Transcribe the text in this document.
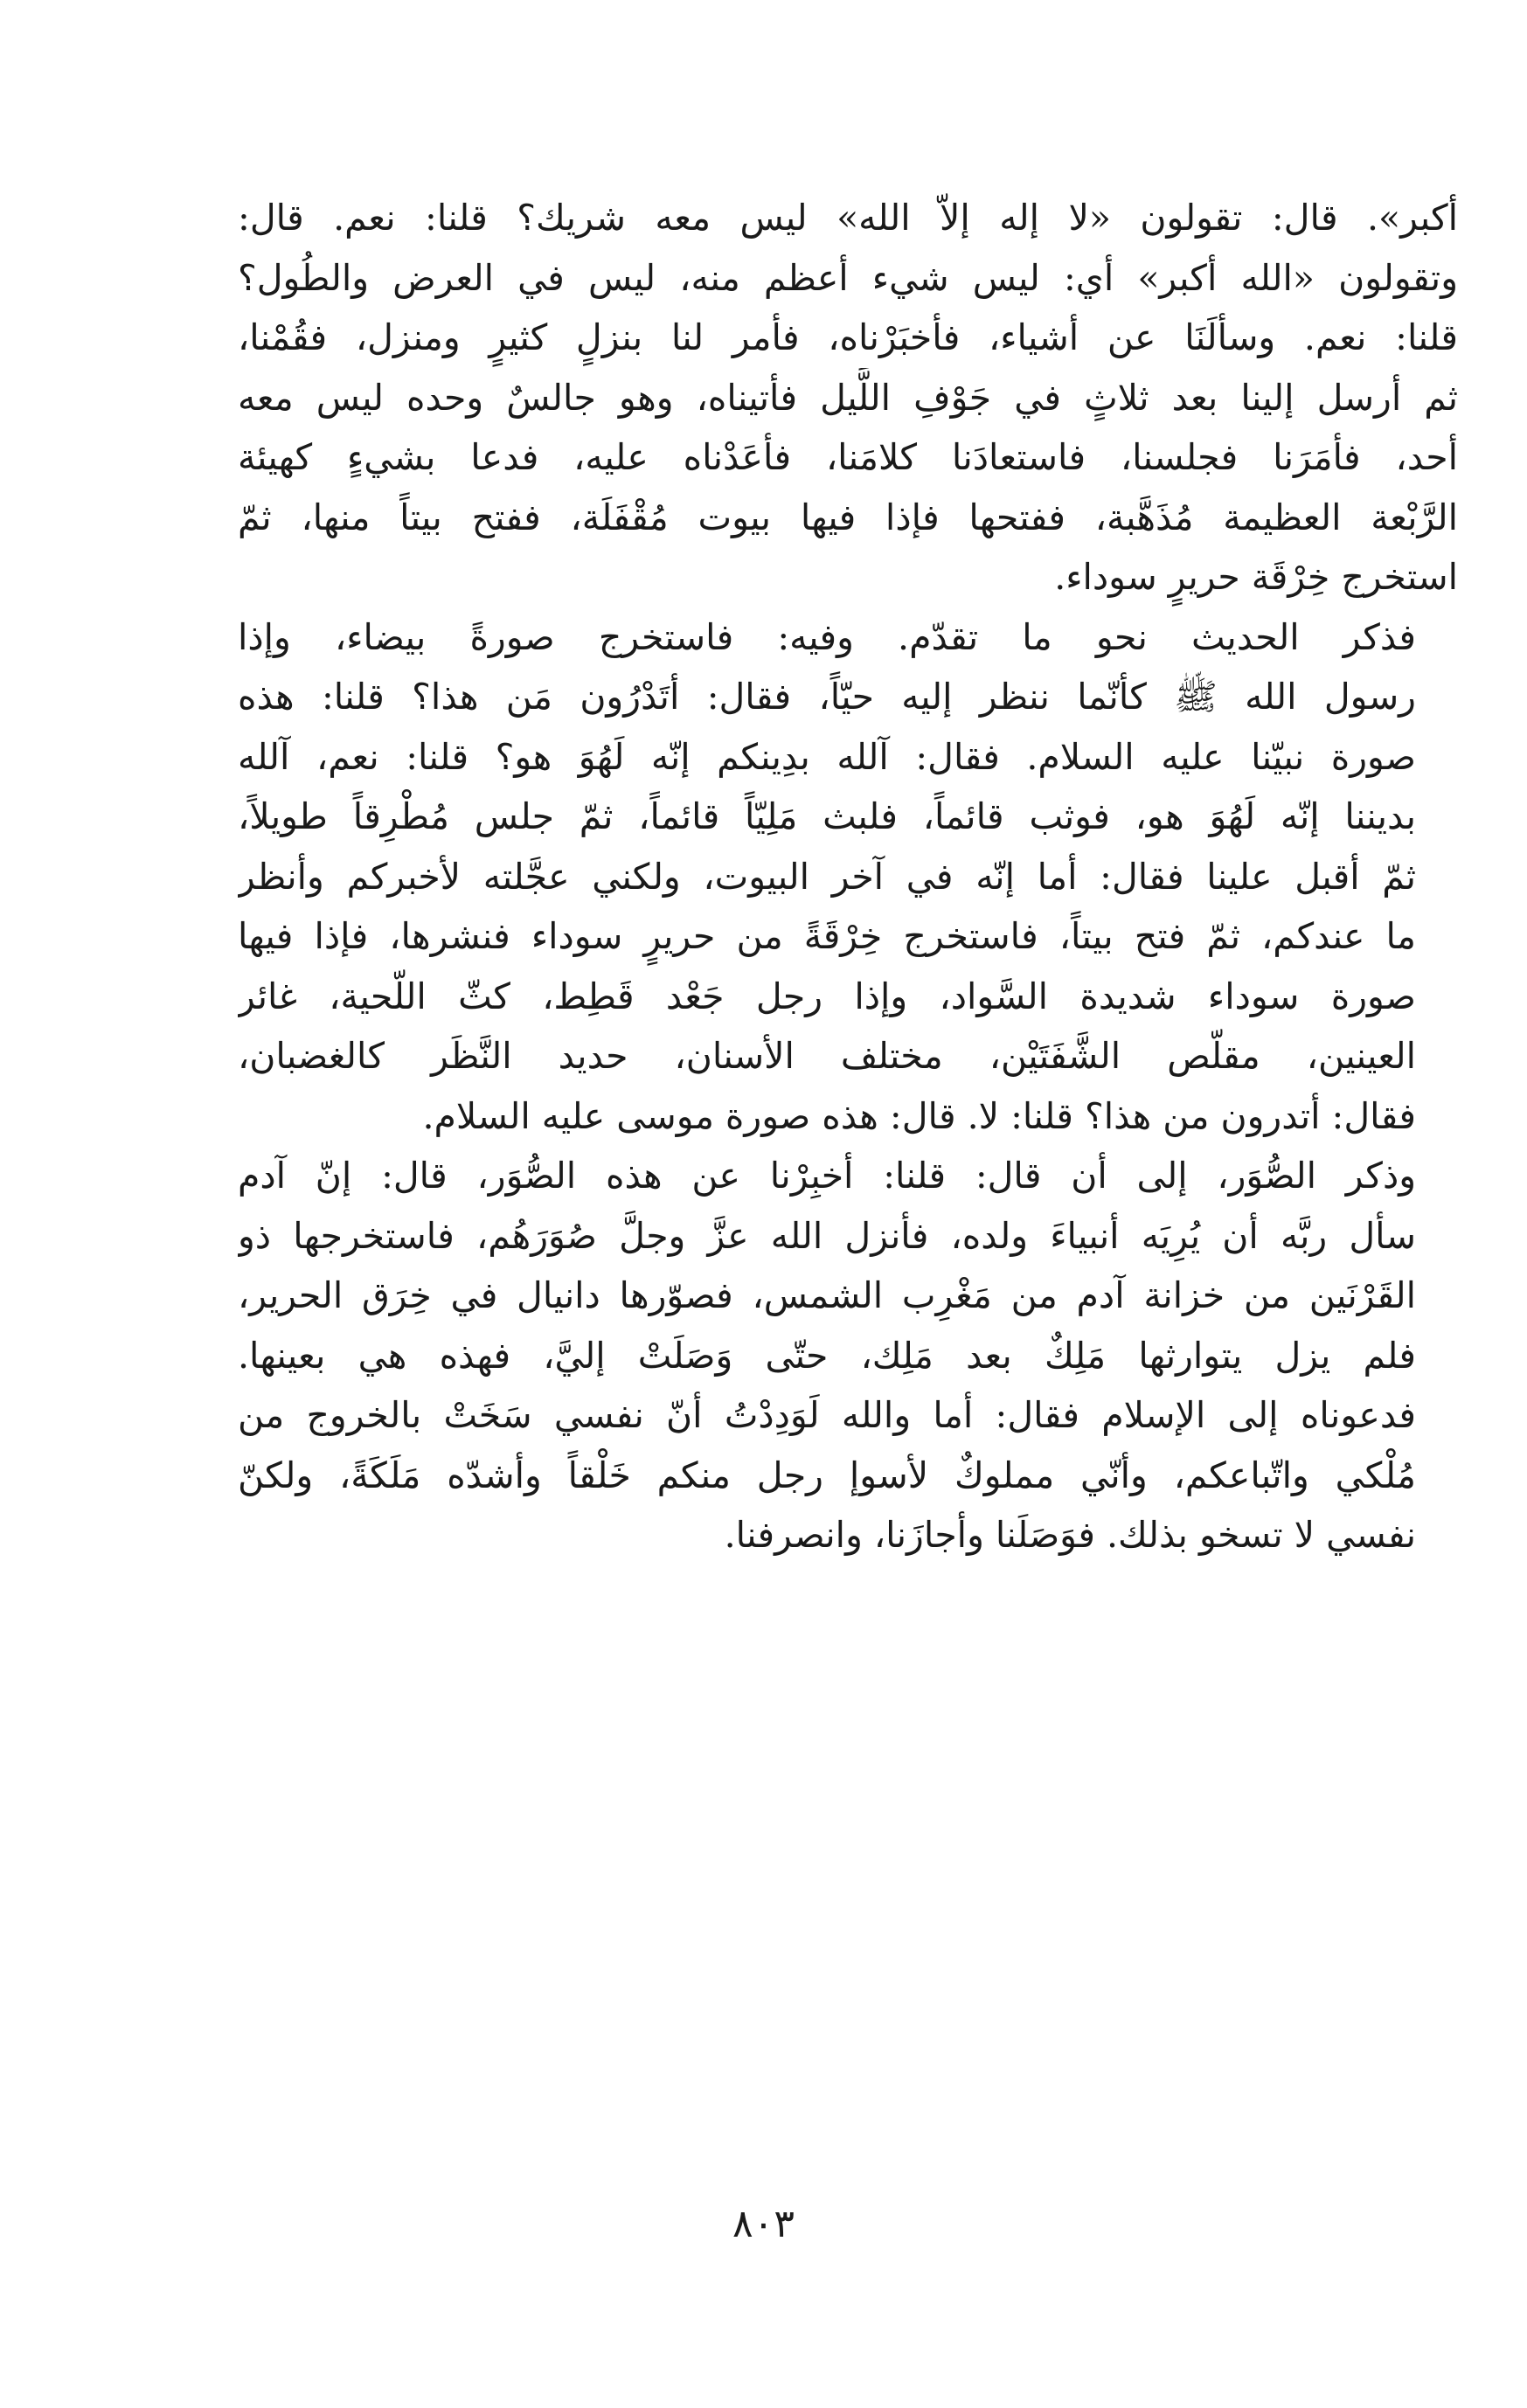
أكبر». قال: تقولون «لا إله إلاّ الله» ليس معه شريك؟ قلنا: نعم. قال:
وتقولون «الله أكبر» أي: ليس شيء أعظم منه، ليس في العرض والطُول؟
قلنا: نعم. وسألَنَا عن أشياء، فأخبَرْناه، فأمر لنا بنزلٍ كثيرٍ ومنزل، فقُمْنا،
ثم أرسل إلينا بعد ثلاثٍ في جَوْفِ اللَّيل فأتيناه، وهو جالسٌ وحده ليس معه
أحد، فأمَرَنا فجلسنا، فاستعادَنا كلامَنا، فأعَدْناه عليه، فدعا بشيءٍ كهيئة
الرَّبْعة العظيمة مُذَهَّبة، ففتحها فإذا فيها بيوت مُقْفَلَة، ففتح بيتاً منها، ثمّ
استخرج خِرْقَة حريرٍ سوداء.
فذكر الحديث نحو ما تقدّم. وفيه: فاستخرج صورةً بيضاء، وإذا
رسول الله ﷺ كأنّما ننظر إليه حيّاً، فقال: أتَدْرُون مَن هذا؟ قلنا: هذه
صورة نبيّنا عليه السلام. فقال: آلله بدِينكم إنّه لَهُوَ هو؟ قلنا: نعم، آلله
بديننا إنّه لَهُوَ هو، فوثب قائماً، فلبث مَلِيّاً قائماً، ثمّ جلس مُطْرِقاً طويلاً،
ثمّ أقبل علينا فقال: أما إنّه في آخر البيوت، ولكني عجَّلته لأخبركم وأنظر
ما عندكم، ثمّ فتح بيتاً، فاستخرج خِرْقَةً من حريرٍ سوداء فنشرها، فإذا فيها
صورة سوداء شديدة السَّواد، وإذا رجل جَعْد قَطِط، كثّ اللّحية، غائر
العينين، مقلّص الشَّفَتَيْن، مختلف الأسنان، حديد النَّظَر كالغضبان،
فقال: أتدرون من هذا؟ قلنا: لا. قال: هذه صورة موسى عليه السلام.
وذكر الصُّوَر، إلى أن قال: قلنا: أخبِرْنا عن هذه الصُّوَر، قال: إنّ آدم
سأل ربَّه أن يُرِيَه أنبياءَ ولده، فأنزل الله عزَّ وجلَّ صُوَرَهُم، فاستخرجها ذو
القَرْنَين من خزانة آدم من مَغْرِب الشمس، فصوّرها دانيال في خِرَق الحرير،
فلم يزل يتوارثها مَلِكٌ بعد مَلِك، حتّى وَصَلَتْ إليَّ، فهذه هي بعينها.
فدعوناه إلى الإسلام فقال: أما والله لَوَدِدْتُ أنّ نفسي سَخَتْ بالخروج من
مُلْكي واتّباعكم، وأنّي مملوكٌ لأسوإ رجل منكم خَلْقاً وأشدّه مَلَكَةً، ولكنّ
نفسي لا تسخو بذلك. فوَصَلَنا وأجازَنا، وانصرفنا.
٨٠٣
